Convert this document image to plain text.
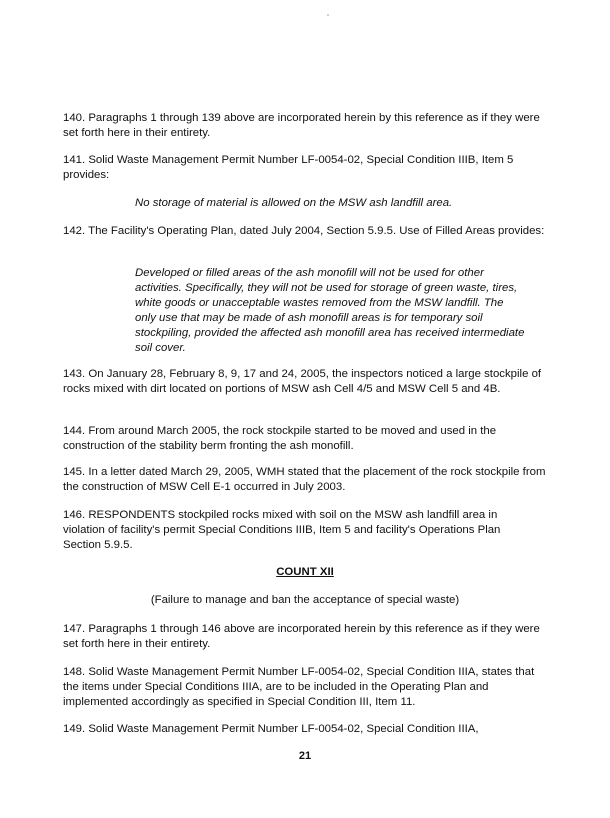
140. Paragraphs 1 through 139 above are incorporated herein by this reference as if they were set forth here in their entirety.

141. Solid Waste Management Permit Number LF-0054-02, Special Condition IIIB, Item 5 provides:

No storage of material is allowed on the MSW ash landfill area.

142. The Facility's Operating Plan, dated July 2004, Section 5.9.5. Use of Filled Areas provides:

Developed or filled areas of the ash monofill will not be used for other activities. Specifically, they will not be used for storage of green waste, tires, white goods or unacceptable wastes removed from the MSW landfill. The only use that may be made of ash monofill areas is for temporary soil stockpiling, provided the affected ash monofill area has received intermediate soil cover.

143. On January 28, February 8, 9, 17 and 24, 2005, the inspectors noticed a large stockpile of rocks mixed with dirt located on portions of MSW ash Cell 4/5 and MSW Cell 5 and 4B.

144. From around March 2005, the rock stockpile started to be moved and used in the construction of the stability berm fronting the ash monofill.

145. In a letter dated March 29, 2005, WMH stated that the placement of the rock stockpile from the construction of MSW Cell E-1 occurred in July 2003.

146. RESPONDENTS stockpiled rocks mixed with soil on the MSW ash landfill area in violation of facility's permit Special Conditions IIIB, Item 5 and facility's Operations Plan Section 5.9.5.

COUNT XII

(Failure to manage and ban the acceptance of special waste)

147. Paragraphs 1 through 146 above are incorporated herein by this reference as if they were set forth here in their entirety.

148. Solid Waste Management Permit Number LF-0054-02, Special Condition IIIA, states that the items under Special Conditions IIIA, are to be included in the Operating Plan and implemented accordingly as specified in Special Condition III, Item 11.

149. Solid Waste Management Permit Number LF-0054-02, Special Condition IIIA,

21
